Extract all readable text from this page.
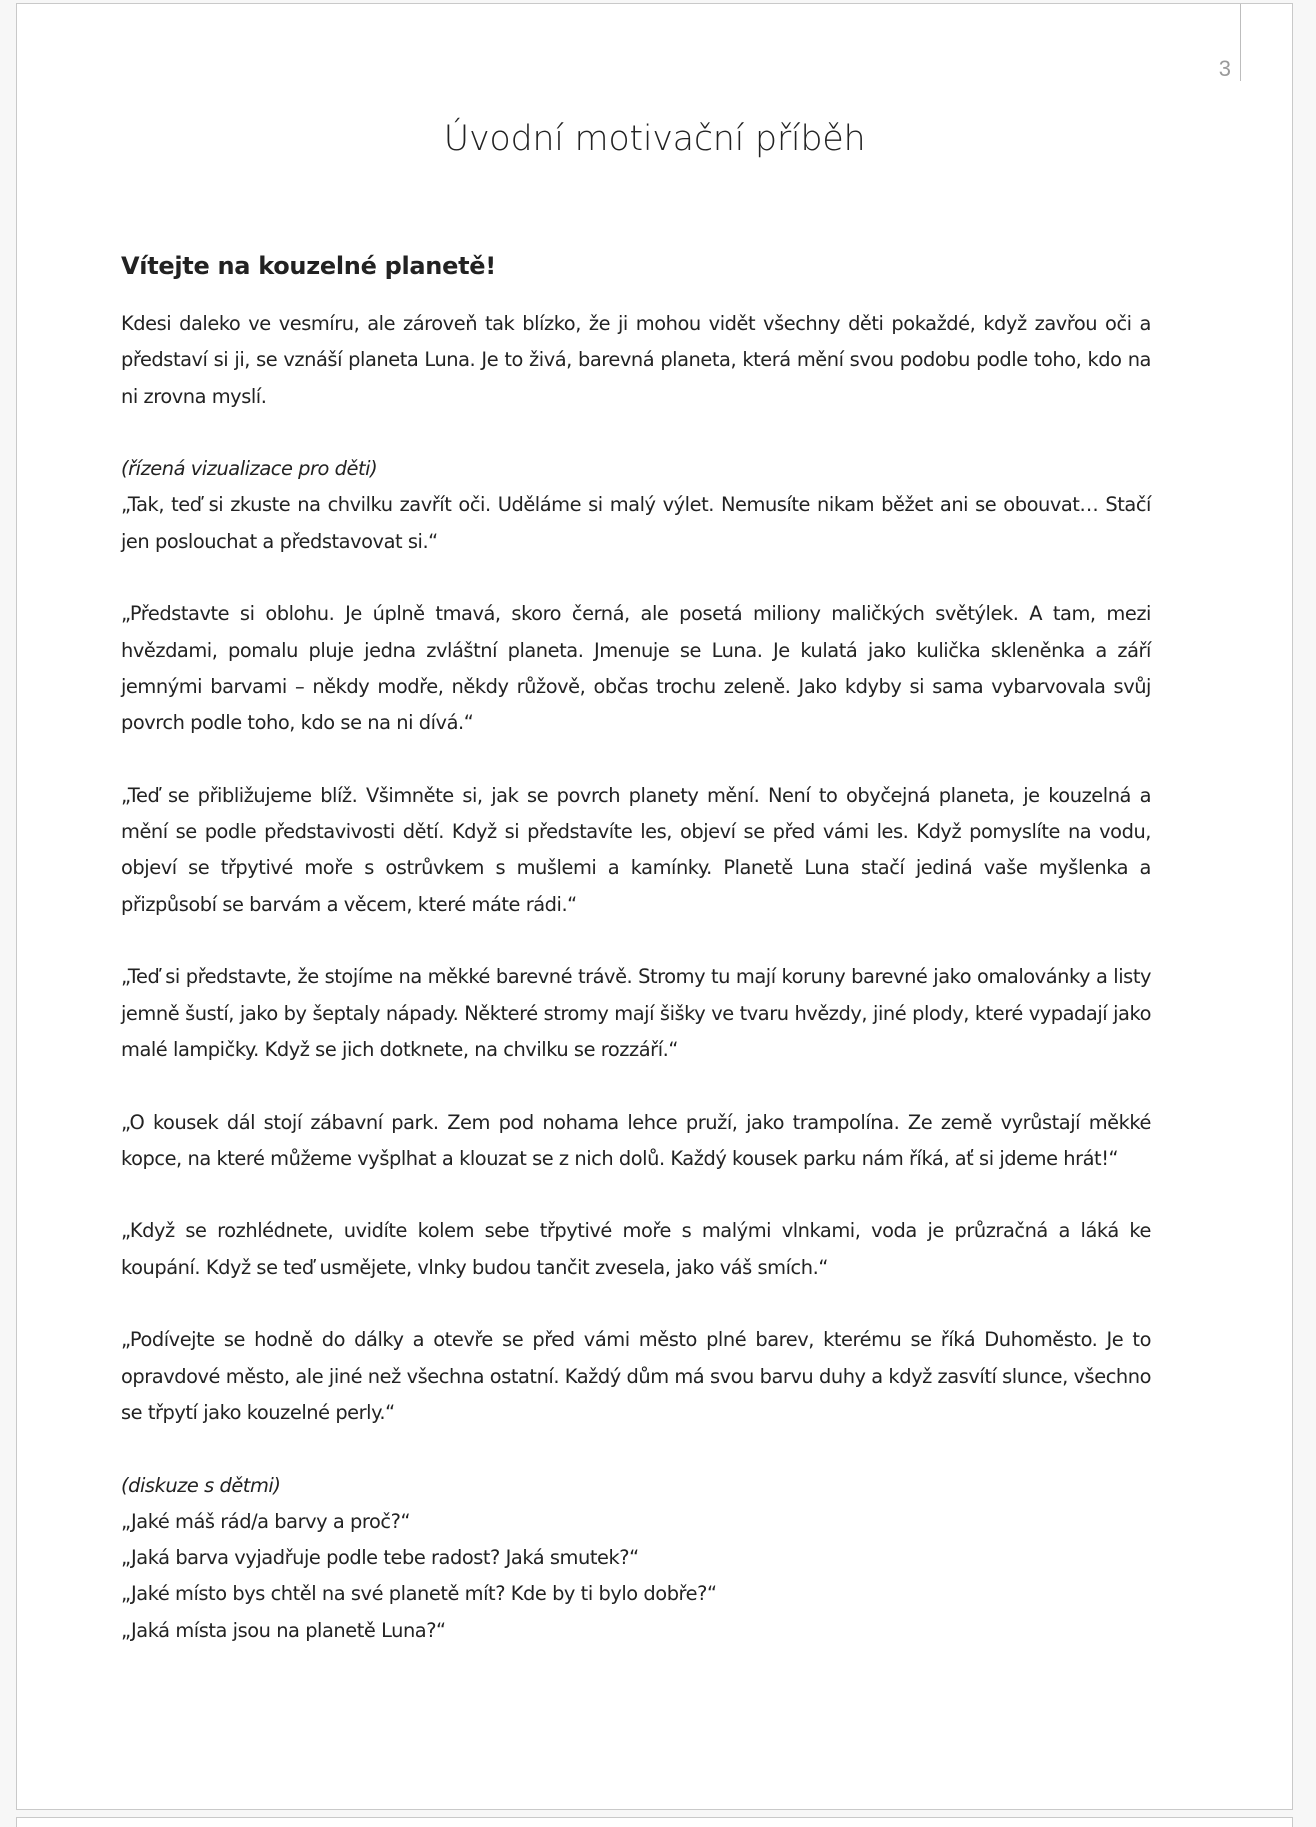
3
Úvodní motivační příběh
Vítejte na kouzelné planetě!

Kdesi daleko ve vesmíru, ale zároveň tak blízko, že ji mohou vidět všechny děti pokaždé, když zavřou oči a představí si ji, se vznáší planeta Luna. Je to živá, barevná planeta, která mění svou podobu podle toho, kdo na ni zrovna myslí.

(řízená vizualizace pro děti)
„Tak, teď si zkuste na chvilku zavřít oči. Uděláme si malý výlet. Nemusíte nikam běžet ani se obouvat… Stačí jen poslouchat a představovat si.“

„Představte si oblohu. Je úplně tmavá, skoro černá, ale posetá miliony maličkých světýlek. A tam, mezi hvězdami, pomalu pluje jedna zvláštní planeta. Jmenuje se Luna. Je kulatá jako kulička skleněnka a září jemnými barvami – někdy modře, někdy růžově, občas trochu zeleně. Jako kdyby si sama vybarvovala svůj povrch podle toho, kdo se na ni dívá.“

„Teď se přibližujeme blíž. Všimněte si, jak se povrch planety mění. Není to obyčejná planeta, je kouzelná a mění se podle představivosti dětí. Když si představíte les, objeví se před vámi les. Když pomyslíte na vodu, objeví se třpytivé moře s ostrůvkem s mušlemi a kamínky. Planetě Luna stačí jediná vaše myšlenka a přizpůsobí se barvám a věcem, které máte rádi.“

„Teď si představte, že stojíme na měkké barevné trávě. Stromy tu mají koruny barevné jako omalovánky a listy jemně šustí, jako by šeptaly nápady. Některé stromy mají šišky ve tvaru hvězdy, jiné plody, které vypadají jako malé lampičky. Když se jich dotknete, na chvilku se rozzáří.“

„O kousek dál stojí zábavní park. Zem pod nohama lehce pruží, jako trampolína. Ze země vyrůstají měkké kopce, na které můžeme vyšplhat a klouzat se z nich dolů. Každý kousek parku nám říká, ať si jdeme hrát!“

„Když se rozhlédnete, uvidíte kolem sebe třpytivé moře s malými vlnkami, voda je průzračná a láká ke koupání. Když se teď usmějete, vlnky budou tančit zvesela, jako váš smích.“

„Podívejte se hodně do dálky a otevře se před vámi město plné barev, kterému se říká Duhoměsto. Je to opravdové město, ale jiné než všechna ostatní. Každý dům má svou barvu duhy a když zasvítí slunce, všechno se třpytí jako kouzelné perly.“

(diskuze s dětmi)
„Jaké máš rád/a barvy a proč?“
„Jaká barva vyjadřuje podle tebe radost? Jaká smutek?“
„Jaké místo bys chtěl na své planetě mít? Kde by ti bylo dobře?“
„Jaká místa jsou na planetě Luna?“
